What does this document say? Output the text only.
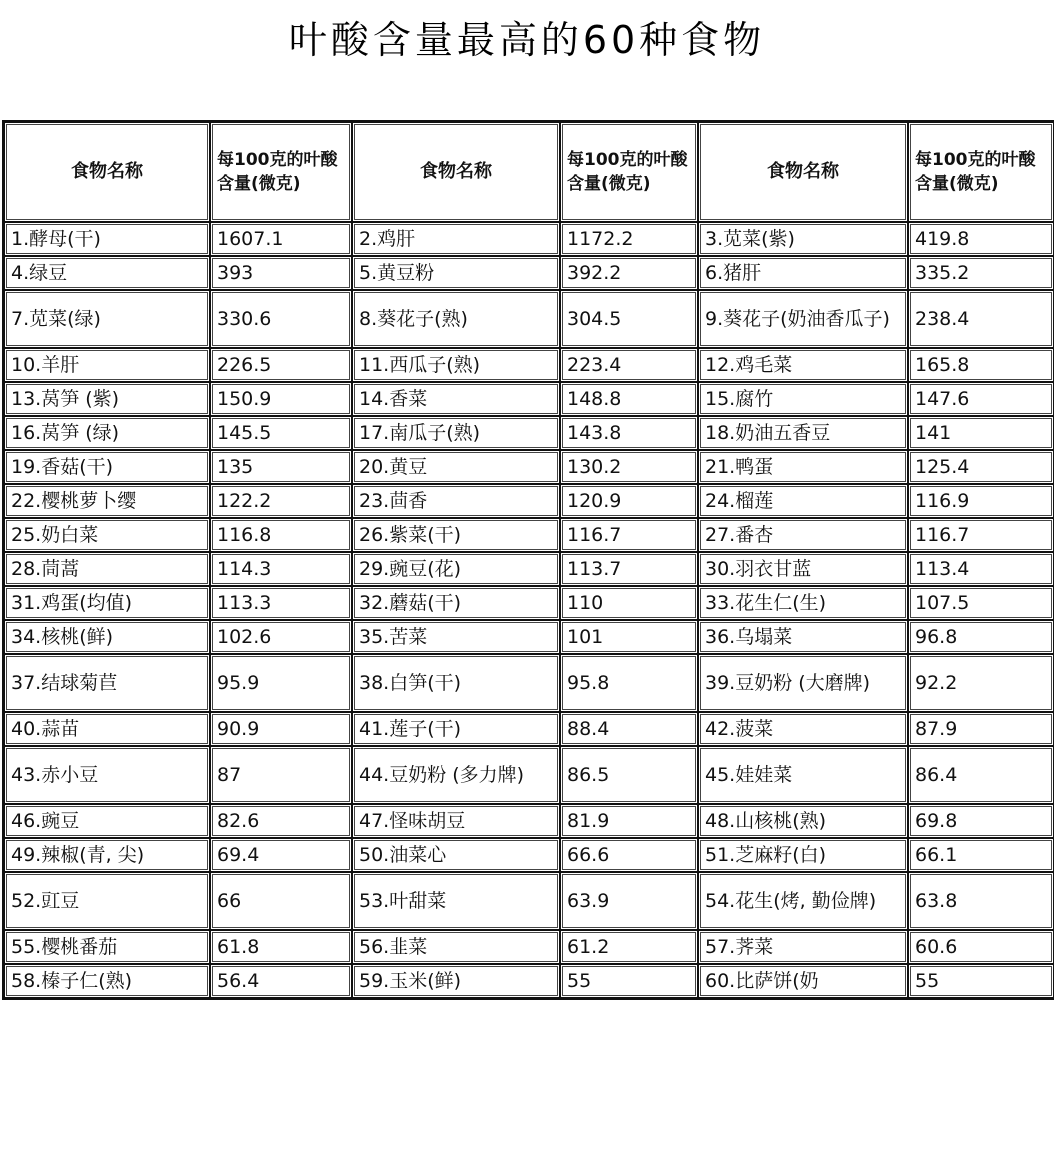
叶酸含量最高的60种食物
食物名称	每100克的叶酸含量(微克)	食物名称	每100克的叶酸含量(微克)	食物名称	每100克的叶酸含量(微克)
1.酵母(干)	1607.1	2.鸡肝	1172.2	3.苋菜(紫)	419.8
4.绿豆	393	5.黄豆粉	392.2	6.猪肝	335.2
7.苋菜(绿)	330.6	8.葵花子(熟)	304.5	9.葵花子(奶油香瓜子)	238.4
10.羊肝	226.5	11.西瓜子(熟)	223.4	12.鸡毛菜	165.8
13.莴笋 (紫)	150.9	14.香菜	148.8	15.腐竹	147.6
16.莴笋 (绿)	145.5	17.南瓜子(熟)	143.8	18.奶油五香豆	141
19.香菇(干)	135	20.黄豆	130.2	21.鸭蛋	125.4
22.樱桃萝卜缨	122.2	23.茴香	120.9	24.榴莲	116.9
25.奶白菜	116.8	26.紫菜(干)	116.7	27.番杏	116.7
28.茼蒿	114.3	29.豌豆(花)	113.7	30.羽衣甘蓝	113.4
31.鸡蛋(均值)	113.3	32.蘑菇(干)	110	33.花生仁(生)	107.5
34.核桃(鲜)	102.6	35.苦菜	101	36.乌塌菜	96.8
37.结球菊苣	95.9	38.白笋(干)	95.8	39.豆奶粉 (大磨牌)	92.2
40.蒜苗	90.9	41.莲子(干)	88.4	42.菠菜	87.9
43.赤小豆	87	44.豆奶粉 (多力牌)	86.5	45.娃娃菜	86.4
46.豌豆	82.6	47.怪味胡豆	81.9	48.山核桃(熟)	69.8
49.辣椒(青, 尖)	69.4	50.油菜心	66.6	51.芝麻籽(白)	66.1
52.豇豆	66	53.叶甜菜	63.9	54.花生(烤, 勤俭牌)	63.8
55.樱桃番茄	61.8	56.韭菜	61.2	57.荠菜	60.6
58.榛子仁(熟)	56.4	59.玉米(鲜)	55	60.比萨饼(奶	55
